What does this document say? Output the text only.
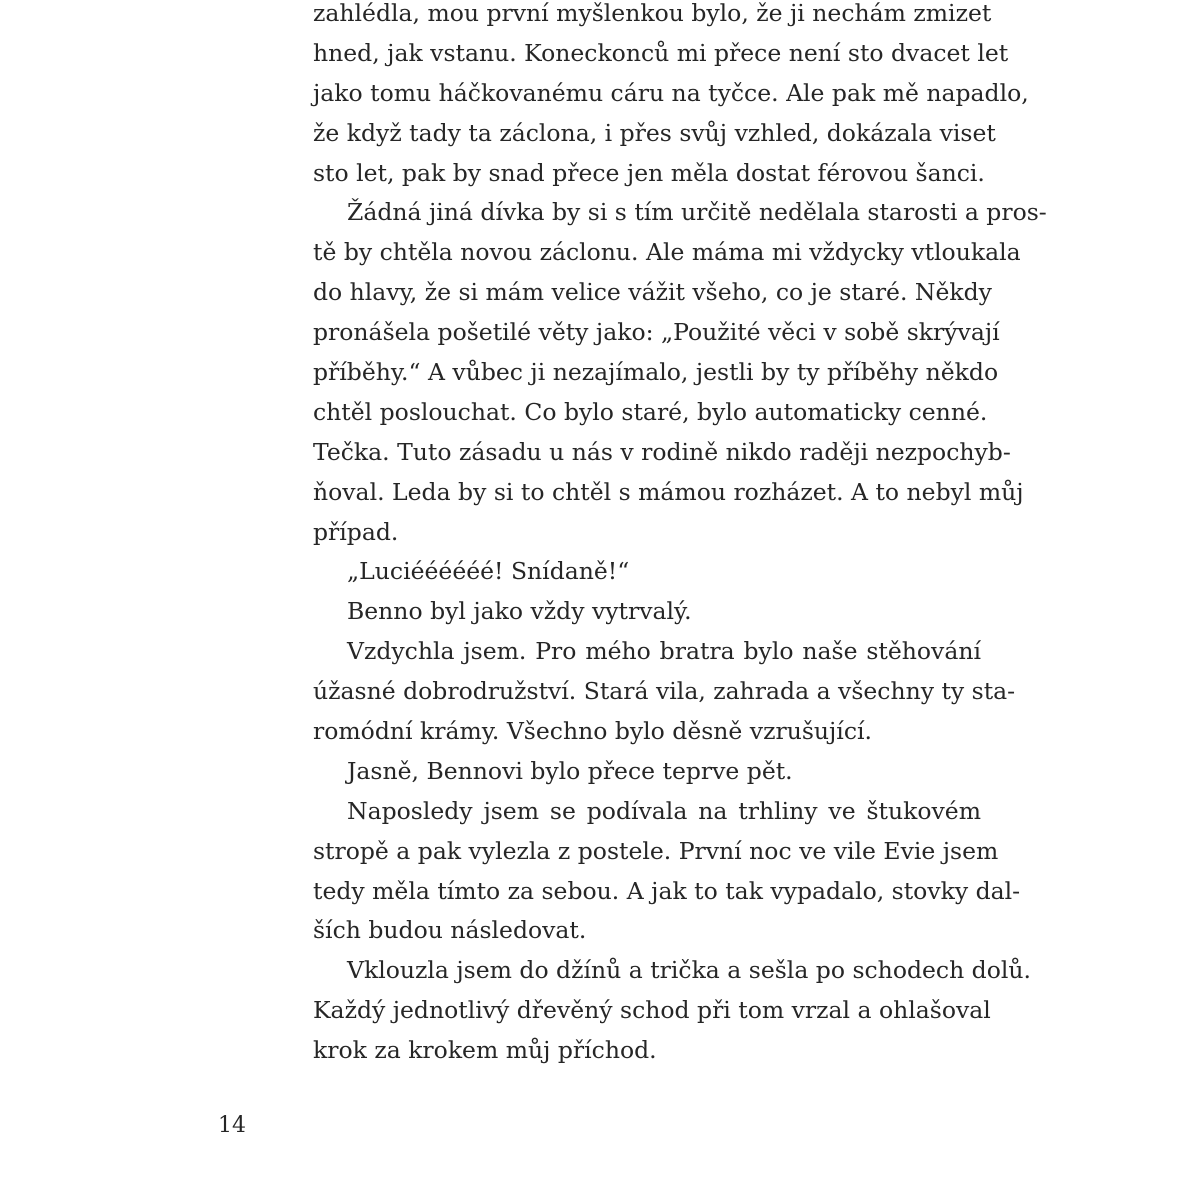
zahlédla, mou první myšlenkou bylo, že ji nechám zmizet
hned, jak vstanu. Koneckonců mi přece není sto dvacet let
jako tomu háčkovanému cáru na tyčce. Ale pak mě napadlo,
že když tady ta záclona, i přes svůj vzhled, dokázala viset
sto let, pak by snad přece jen měla dostat férovou šanci.
Žádná jiná dívka by si s tím určitě nedělala starosti a pros-
tě by chtěla novou záclonu. Ale máma mi vždycky vtloukala
do hlavy, že si mám velice vážit všeho, co je staré. Někdy
pronášela pošetilé věty jako: „Použité věci v sobě skrývají
příběhy.“ A vůbec ji nezajímalo, jestli by ty příběhy někdo
chtěl poslouchat. Co bylo staré, bylo automaticky cenné.
Tečka. Tuto zásadu u nás v rodině nikdo raději nezpochyb-
ňoval. Leda by si to chtěl s mámou rozházet. A to nebyl můj
případ.
„Luciéééééé! Snídaně!“
Benno byl jako vždy vytrvalý.
Vzdychla jsem. Pro mého bratra bylo naše stěhování
úžasné dobrodružství. Stará vila, zahrada a všechny ty sta-
romódní krámy. Všechno bylo děsně vzrušující.
Jasně, Bennovi bylo přece teprve pět.
Naposledy jsem se podívala na trhliny ve štukovém
stropě a pak vylezla z postele. První noc ve vile Evie jsem
tedy měla tímto za sebou. A jak to tak vypadalo, stovky dal-
ších budou následovat.
Vklouzla jsem do džínů a trička a sešla po schodech dolů.
Každý jednotlivý dřevěný schod při tom vrzal a ohlašoval
krok za krokem můj příchod.
14
